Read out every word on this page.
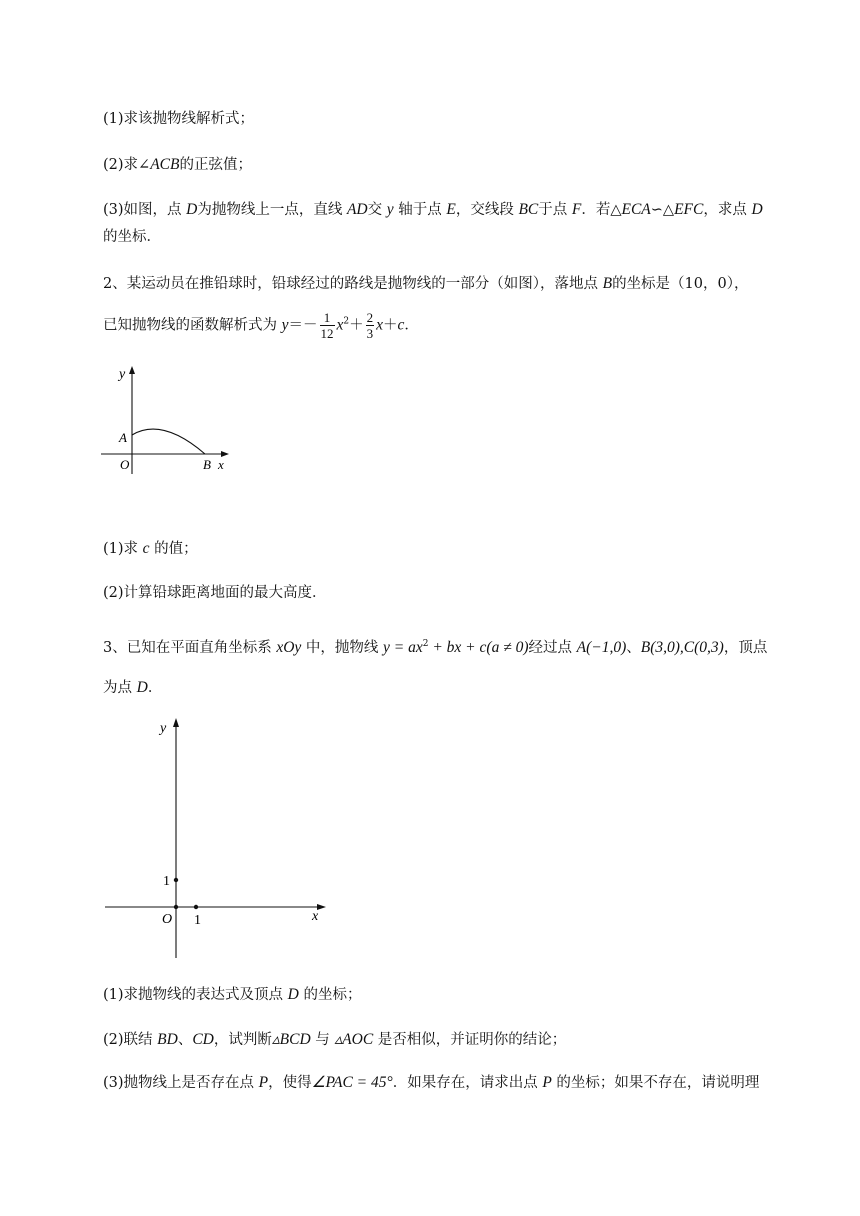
(1)求该抛物线解析式；
(2)求∠ACB的正弦值；
(3)如图，点 D为抛物线上一点，直线 AD交 y 轴于点 E，交线段 BC于点 F．若△ECA∽△EFC，求点 D
的坐标．
2、某运动员在推铅球时，铅球经过的路线是抛物线的一部分（如图），落地点 B的坐标是（10，0），
已知抛物线的函数解析式为 $y=- \frac{1}{12} x^2+ \frac{2}{3} x+c$．
y
A
O	B x
(1)求 c 的值；
(2)计算铅球距离地面的最大高度．
3、已知在平面直角坐标系 xOy 中，抛物线 $y = ax^2$ + bx + c(a ≠ 0)经过点 A(−1,0)、B(3,0),C(0,3)，顶点
为点 D．
y
1
O 1	x
(1)求抛物线的表达式及顶点 D 的坐标；
(2)联结 BD、CD，试判断▵BCD 与 ▵AOC 是否相似，并证明你的结论；
(3)抛物线上是否存在点 P，使得∠PAC = 45°．如果存在，请求出点 P 的坐标；如果不存在，请说明理
